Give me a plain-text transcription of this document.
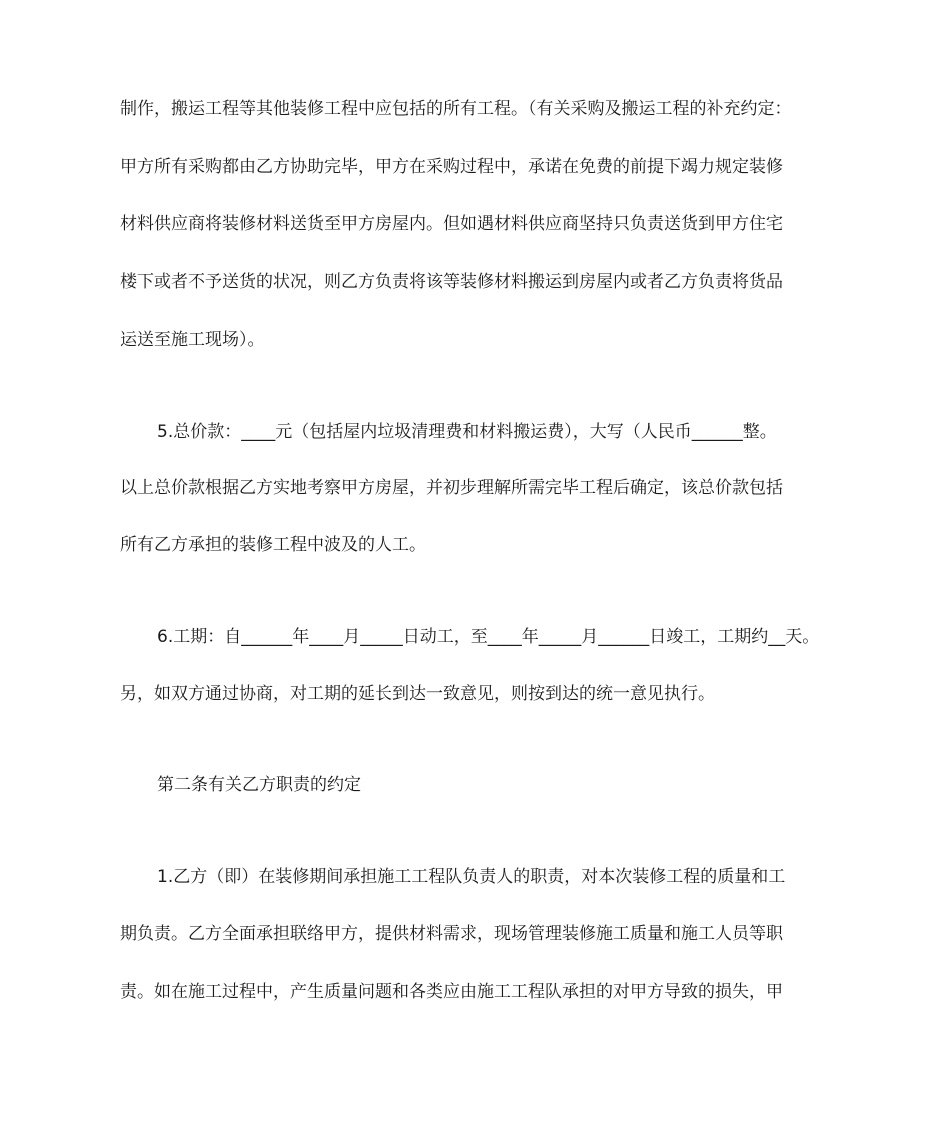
制作，搬运工程等其他装修工程中应包括的所有工程。（有关采购及搬运工程的补充约定：
甲方所有采购都由乙方协助完毕，甲方在采购过程中，承诺在免费的前提下竭力规定装修
材料供应商将装修材料送货至甲方房屋内。但如遇材料供应商坚持只负责送货到甲方住宅
楼下或者不予送货的状况，则乙方负责将该等装修材料搬运到房屋内或者乙方负责将货品
运送至施工现场）。
5.总价款：____元（包括屋内垃圾清理费和材料搬运费），大写（人民币______整。
以上总价款根据乙方实地考察甲方房屋，并初步理解所需完毕工程后确定，该总价款包括
所有乙方承担的装修工程中波及的人工。
6.工期：自______年____月_____日动工，至____年_____月______日竣工，工期约__天。
另，如双方通过协商，对工期的延长到达一致意见，则按到达的统一意见执行。
第二条有关乙方职责的约定
1.乙方（即）在装修期间承担施工工程队负责人的职责，对本次装修工程的质量和工
期负责。乙方全面承担联络甲方，提供材料需求，现场管理装修施工质量和施工人员等职
责。如在施工过程中，产生质量问题和各类应由施工工程队承担的对甲方导致的损失，甲
